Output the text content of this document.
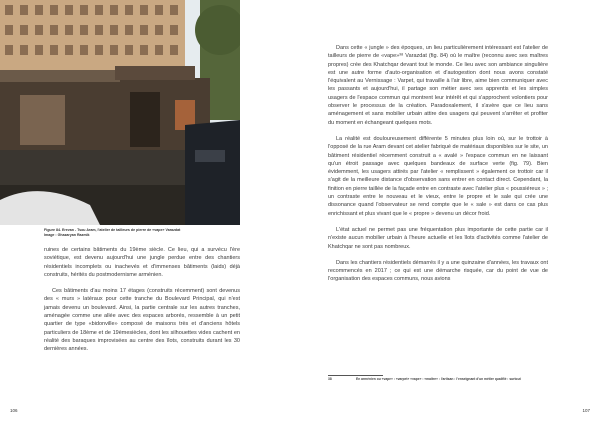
Figure 84. Erevan - Tsou Aram, l'atelier de tailleurs de pierre de «vape» Varazdat
Image : Ghazaryan Razmik

ruines de certains bâtiments du 19ème siècle. Ce lieu, qui a survécu l'ère soviétique, est devenu aujourd'hui une jungle perdue entre des chantiers résidentiels incomplets ou inachevés et d'immenses bâtiments (laids) déjà construits, hérités du postmodernisme arménien.

Ces bâtiments d'au moins 17 étages (construits récemment) sont devenus des « murs » latéraux pour cette tranche du Boulevard Principal, qui n'est jamais devenu un boulevard. Ainsi, la partie centrale sur les autres tranches, aménagée comme une allée avec des espaces arborés, ressemble à un petit quartier de type «bidonville» composé de maisons très et d'anciens hôtels particuliers de 18ème et de 19èmesiècles, dont les silhouettes vides cachent en réalité des baraques improvisées au centre des îlots, construits durant les 30 dernières années.

106

Dans cette « jungle » des époques, un lieu particulièrement intéressant est l'atelier de tailleurs de pierre de «vape»³⁸ Varazdat (fig. 84) où le maître (reconnu avec ses maîtres propres) crée des Khatchqar devant tout le monde. Ce lieu avec son ambiance singulière est une autre forme d'auto-organisation et d'autogestion dont nous avons constaté l'équivalent au Vernissage : Varpet, qui travaille à l'air libre, aime bien communiquer avec les passants et aujourd'hui, il partage son métier avec ses apprentis et les simples usagers de l'espace commun qui montrent leur intérêt et qui s'approchent volontiers pour observer le processus de la création. Paradoxalement, il s'avère que ce lieu sans aménagement et sans mobilier urbain attire des usagers qui peuvent s'arrêter et profiter du moment en échangeant quelques mots.

La réalité est douloureusement différente 5 minutes plus loin où, sur le trottoir à l'opposé de la rue Aram devant cet atelier fabriqué de matériaux disponibles sur le site, un bâtiment résidentiel récemment construit a « avalé » l'espace commun en ne laissant qu'un étroit passage avec quelques bandeaux de surface verte (fig. 79). Bien évidemment, les usagers attirés par l'atelier « remplissent » également ce trottoir car il s'agit de la meilleure distance d'observation sans entrer en contact direct. Cependant, la finition en pierre taillée de la façade entre en contraste avec l'atelier plus « poussiéreux » ; un contraste entre le nouveau et le vieux, entre le propre et le sale qui crée une dissonance quand l'observateur se rend compte que le « sale » est dans ce cas plus enrichissant et plus vivant que le « propre » devenu un décor froid.

L'état actuel ne permet pas une fréquentation plus importante de cette partie car il n'existe aucun mobilier urbain à l'heure actuelle et les îlots d'activités comme l'atelier de Khatchqar ne sont pas nombreux.

Dans les chantiers résidentiels démarrés il y a une quinzaine d'années, les travaux ont recommencés en 2017 ; ce qui est une démarche risquée, car du point de vue de l'organisation des espaces communs, nous avions

38	En arménien ou «vape» : «varpet» «vape» : «maître» : l'artisan : l'enseignant d'un métier qualifié : surtout
107
